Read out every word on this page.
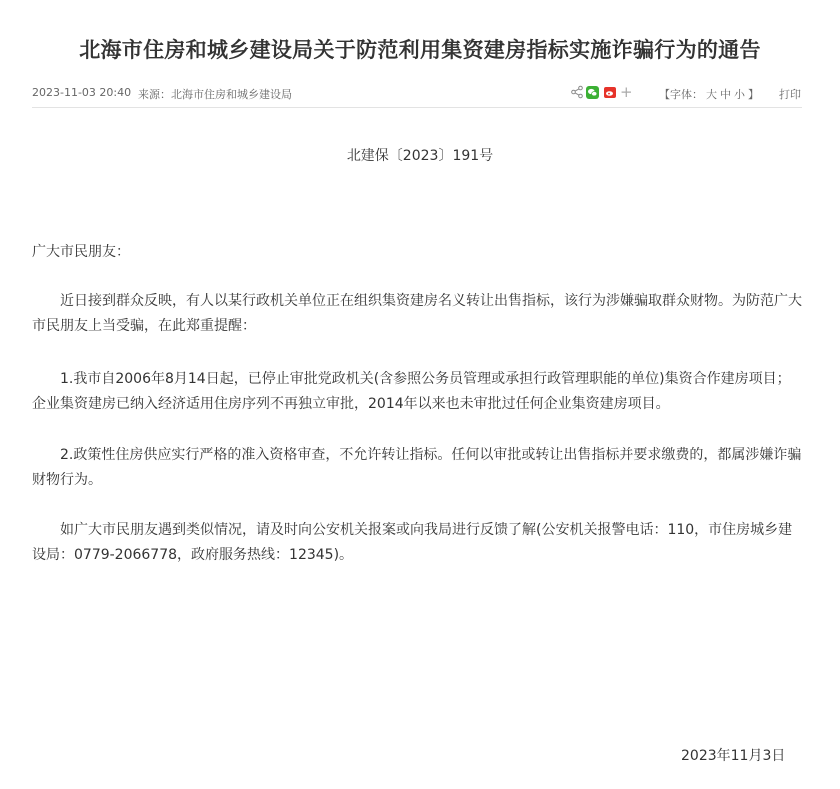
北海市住房和城乡建设局关于防范利用集资建房指标实施诈骗行为的通告
2023-11-03 20:40 来源：北海市住房和城乡建设局	+ 【字体： 大 中 小 】 打印
北建保〔2023〕191号
广大市民朋友：
近日接到群众反映，有人以某行政机关单位正在组织集资建房名义转让出售指标，该行为涉嫌骗取群众财物。为防范广大市民朋友上当受骗，在此郑重提醒：
1.我市自2006年8月14日起，已停止审批党政机关(含参照公务员管理或承担行政管理职能的单位)集资合作建房项目；企业集资建房已纳入经济适用住房序列不再独立审批，2014年以来也未审批过任何企业集资建房项目。
2.政策性住房供应实行严格的准入资格审查，不允许转让指标。任何以审批或转让出售指标并要求缴费的，都属涉嫌诈骗财物行为。
如广大市民朋友遇到类似情况，请及时向公安机关报案或向我局进行反馈了解(公安机关报警电话：110，市住房城乡建设局：0779-2066778，政府服务热线：12345)。
2023年11月3日
